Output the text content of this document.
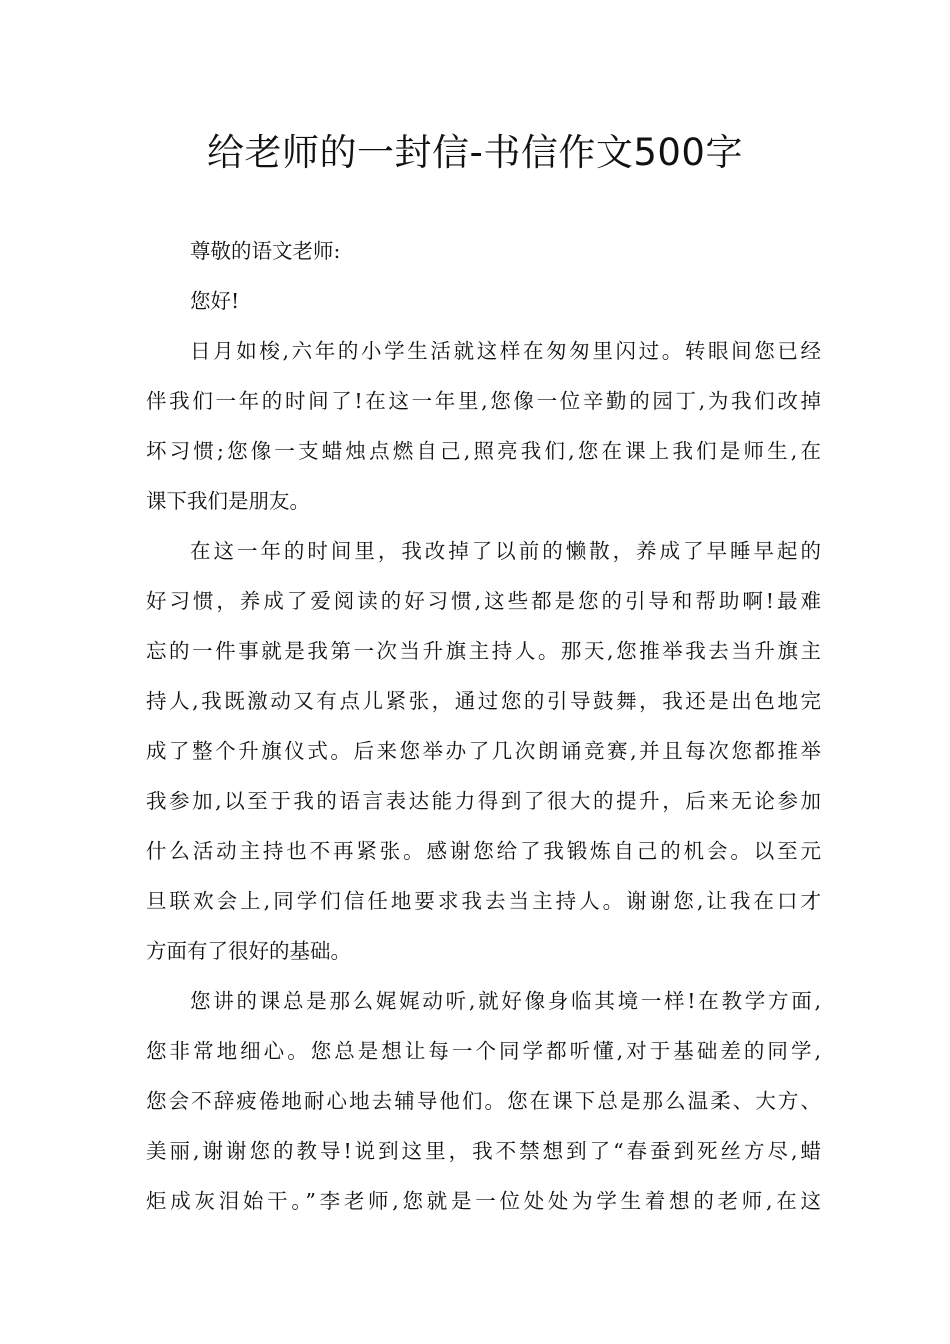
给老师的一封信-书信作文500字
尊敬的语文老师:
您好!
日月如梭,六年的小学生活就这样在匆匆里闪过。转眼间您已经
伴我们一年的时间了!在这一年里,您像一位辛勤的园丁,为我们改掉
坏习惯;您像一支蜡烛点燃自己,照亮我们,您在课上我们是师生,在
课下我们是朋友。
在这一年的时间里，我改掉了以前的懒散，养成了早睡早起的
好习惯，养成了爱阅读的好习惯,这些都是您的引导和帮助啊!最难
忘的一件事就是我第一次当升旗主持人。那天,您推举我去当升旗主
持人,我既激动又有点儿紧张，通过您的引导鼓舞，我还是出色地完
成了整个升旗仪式。后来您举办了几次朗诵竞赛,并且每次您都推举
我参加,以至于我的语言表达能力得到了很大的提升，后来无论参加
什么活动主持也不再紧张。感谢您给了我锻炼自己的机会。以至元
旦联欢会上,同学们信任地要求我去当主持人。谢谢您,让我在口才
方面有了很好的基础。
您讲的课总是那么娓娓动听,就好像身临其境一样!在教学方面,
您非常地细心。您总是想让每一个同学都听懂,对于基础差的同学,
您会不辞疲倦地耐心地去辅导他们。您在课下总是那么温柔、大方、
美丽,谢谢您的教导!说到这里，我不禁想到了“春蚕到死丝方尽,蜡
炬成灰泪始干。”李老师,您就是一位处处为学生着想的老师,在这
